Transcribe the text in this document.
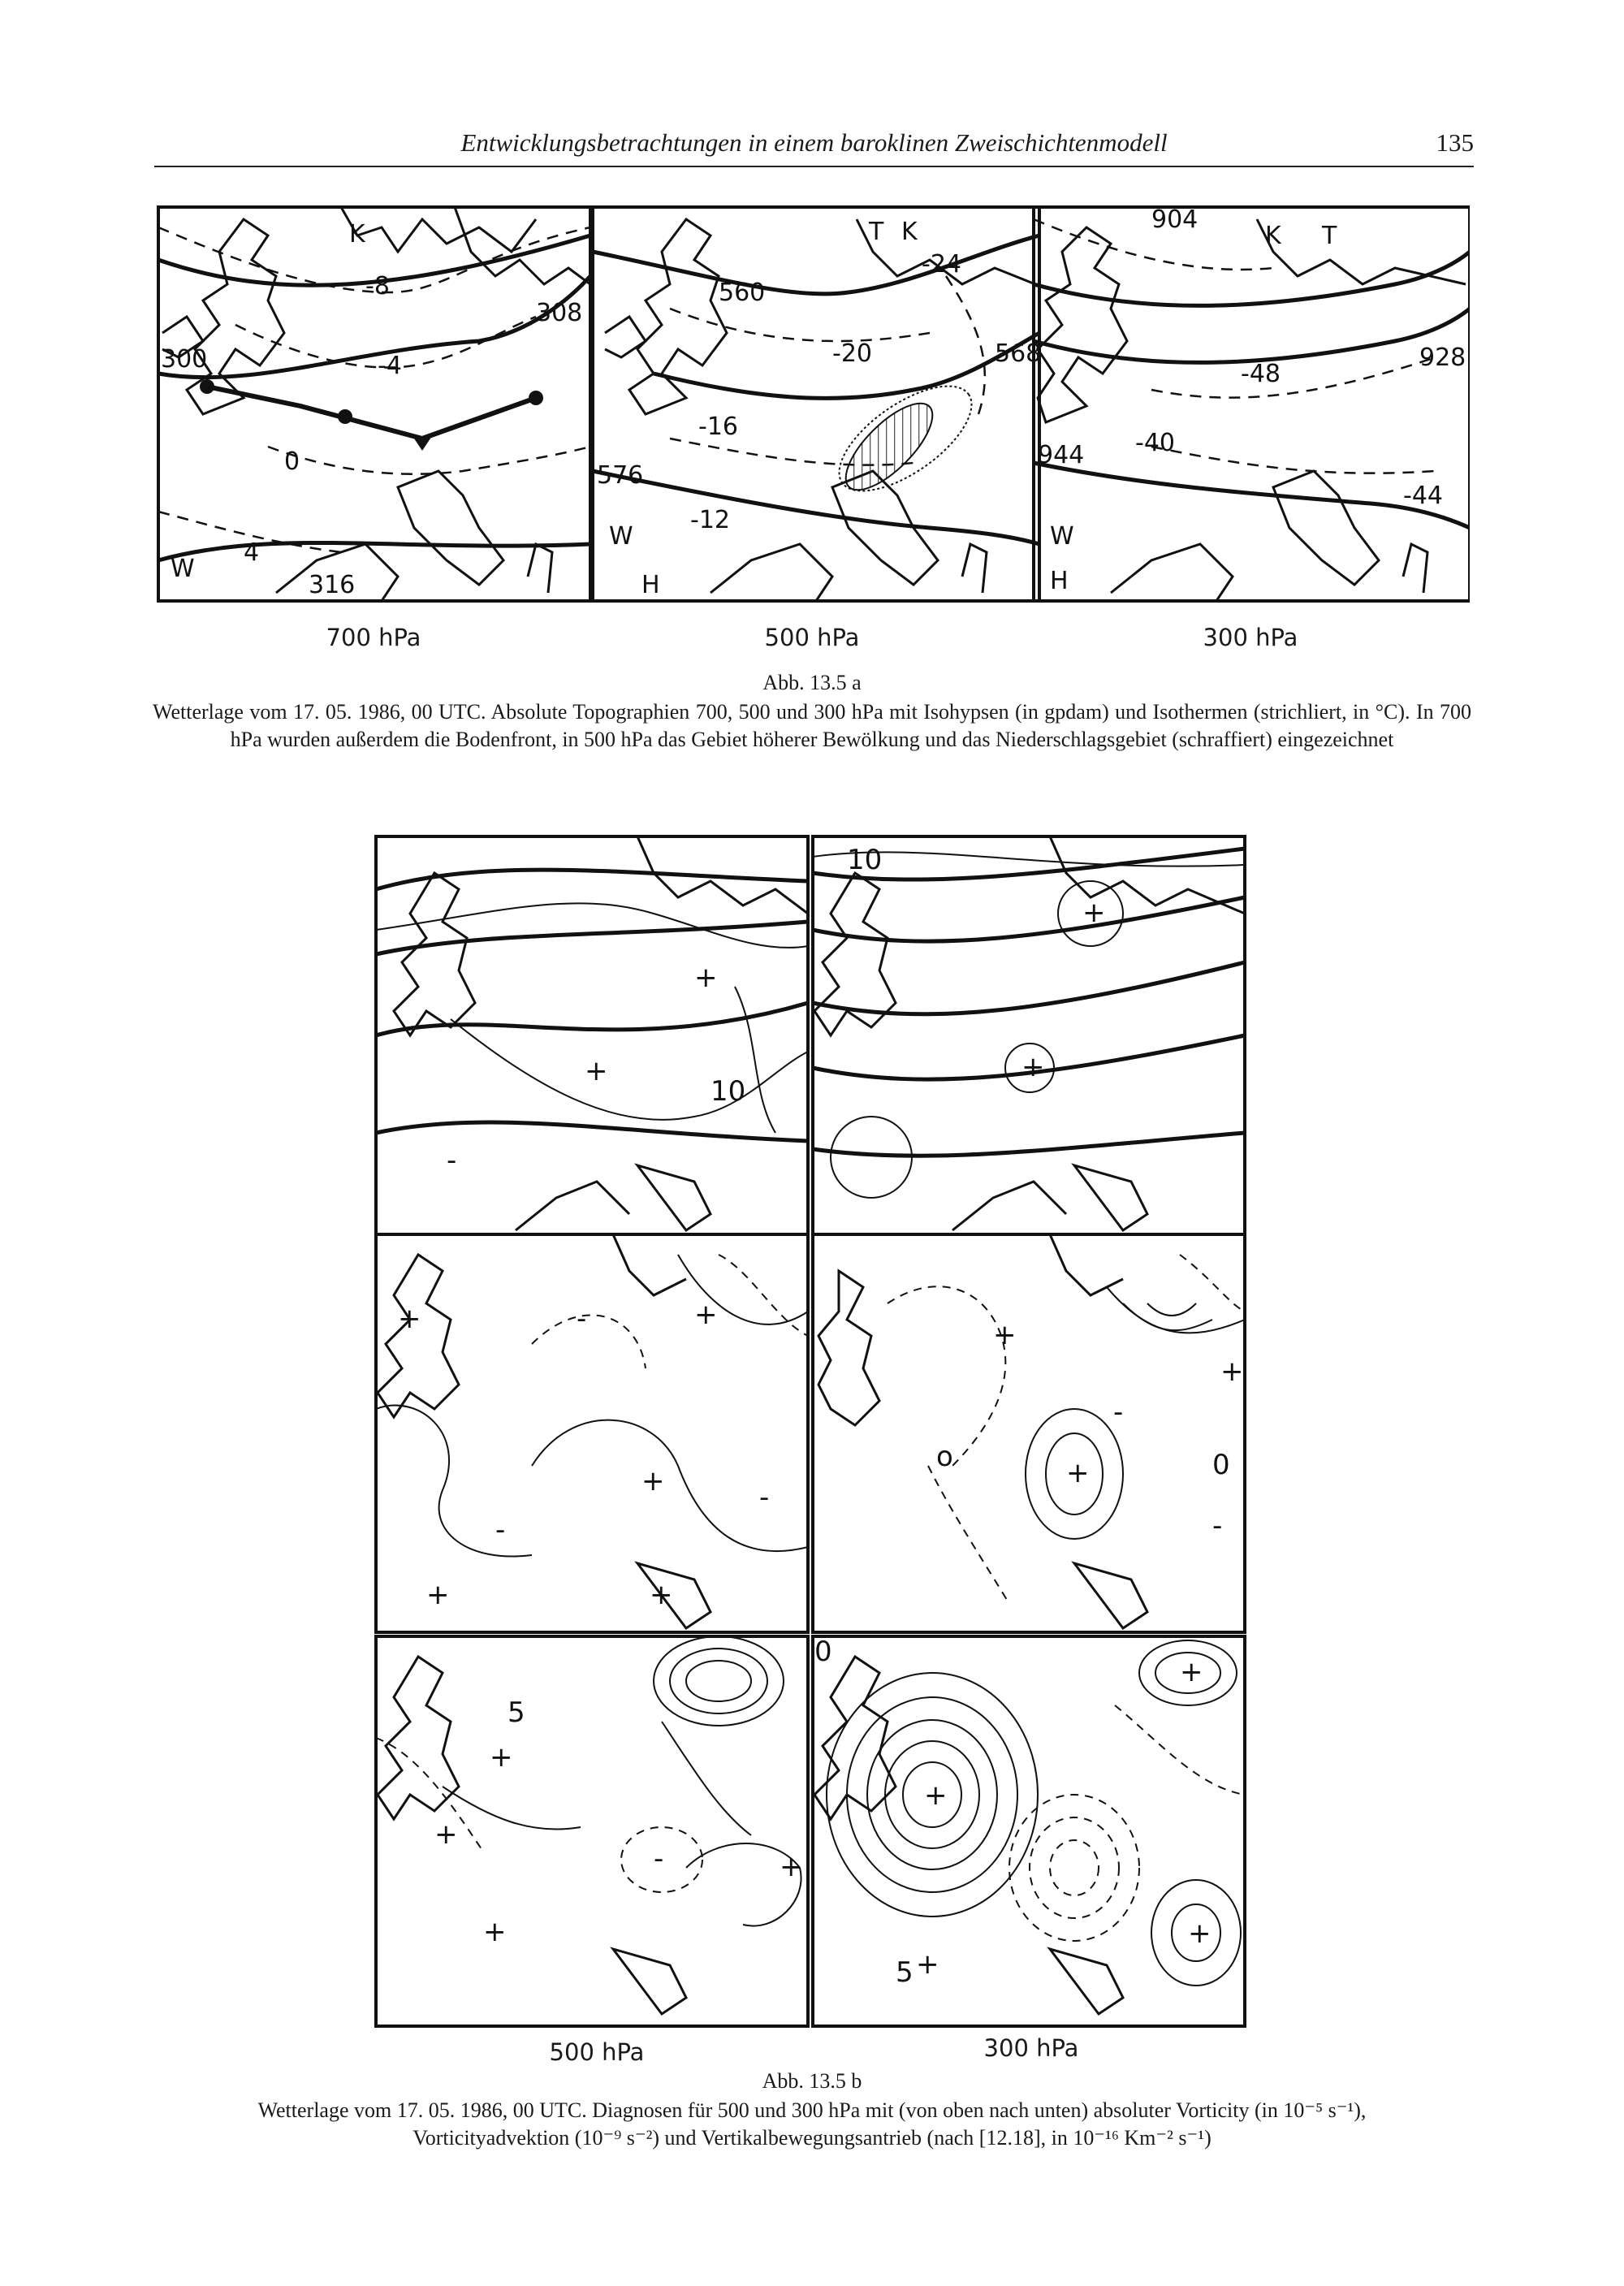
Entwicklungsbetrachtungen in einem baroklinen Zweischichtenmodell	135
K
W
-8
-4
0
4
300
308
316
T K
W
H
560
568
576
-24
-20
-16
-12
K T
W
H
904
928
944
-48
-40
-44
700 hPa	500 hPa	300 hPa
Abb. 13.5 a
Wetterlage vom 17. 05. 1986, 00 UTC. Absolute Topographien 700, 500 und 300 hPa mit Isohypsen (in gpdam) und Isothermen (strichliert, in °C). In 700 hPa wurden außerdem die Bodenfront, in 500 hPa das Gebiet höherer Bewölkung und das Niederschlagsgebiet (schraffiert) eingezeichnet
+
+
-
10
10
+
+
+	-	+
+	-
-
+	+
+
-
+	0
-
+
o
+
+
-	+
+
5
0
+
+
+
+
5
500 hPa	300 hPa
Abb. 13.5 b
Wetterlage vom 17. 05. 1986, 00 UTC. Diagnosen für 500 und 300 hPa mit (von oben nach unten) absoluter Vorticity (in 10⁻⁵ s⁻¹),
Vorticityadvektion (10⁻⁹ s⁻²) und Vertikalbewegungsantrieb (nach [12.18], in 10⁻¹⁶ Km⁻² s⁻¹)
